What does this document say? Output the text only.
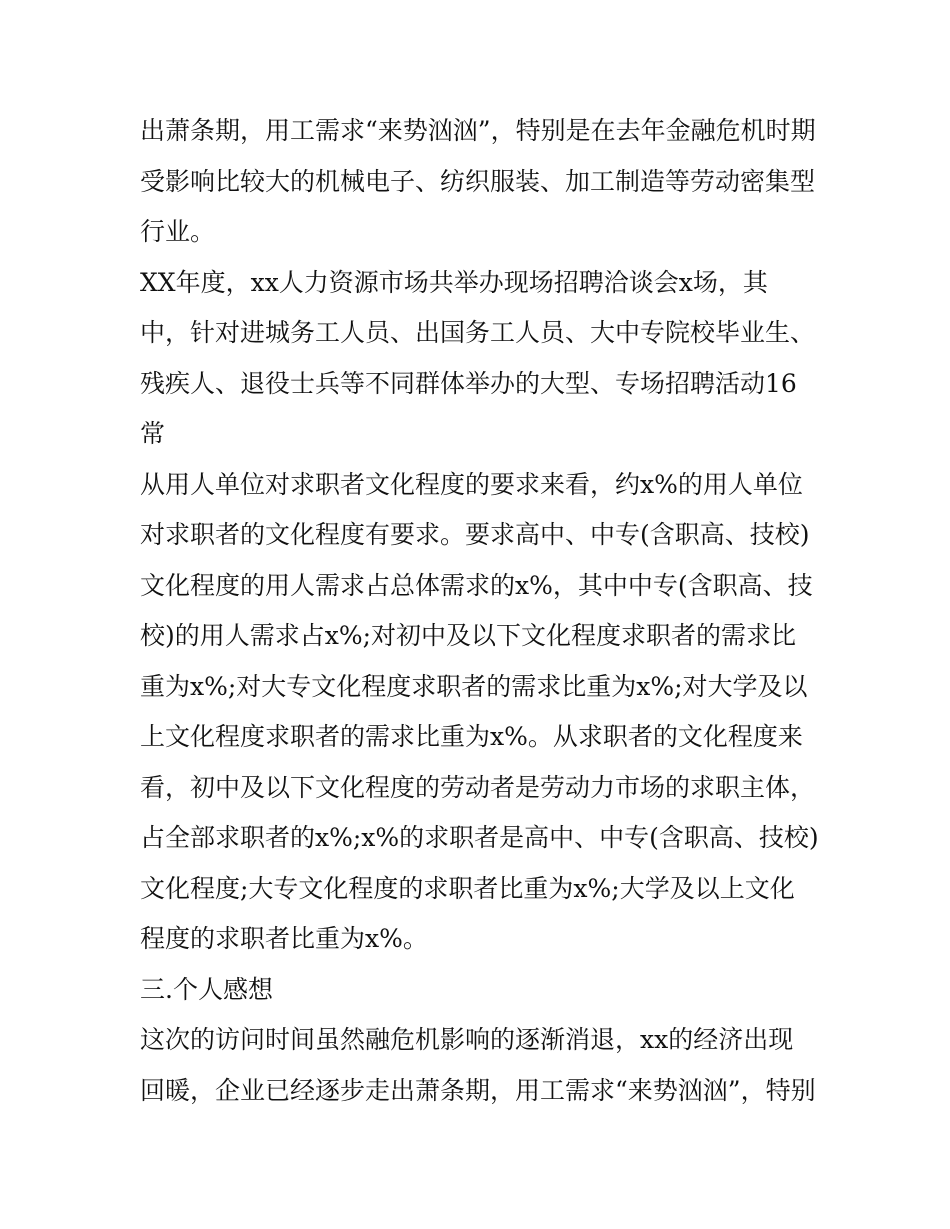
出萧条期，用工需求“来势汹汹”，特别是在去年金融危机时期
受影响比较大的机械电子、纺织服装、加工制造等劳动密集型
行业。
XX年度，xx人力资源市场共举办现场招聘洽谈会x场，其
中，针对进城务工人员、出国务工人员、大中专院校毕业生、
残疾人、退役士兵等不同群体举办的大型、专场招聘活动16
常
从用人单位对求职者文化程度的要求来看，约x%的用人单位
对求职者的文化程度有要求。要求高中、中专(含职高、技校)
文化程度的用人需求占总体需求的x%，其中中专(含职高、技
校)的用人需求占x%;对初中及以下文化程度求职者的需求比
重为x%;对大专文化程度求职者的需求比重为x%;对大学及以
上文化程度求职者的需求比重为x%。从求职者的文化程度来
看，初中及以下文化程度的劳动者是劳动力市场的求职主体，
占全部求职者的x%;x%的求职者是高中、中专(含职高、技校)
文化程度;大专文化程度的求职者比重为x%;大学及以上文化
程度的求职者比重为x%。
三.个人感想
这次的访问时间虽然融危机影响的逐渐消退，xx的经济出现
回暖，企业已经逐步走出萧条期，用工需求“来势汹汹”，特别
